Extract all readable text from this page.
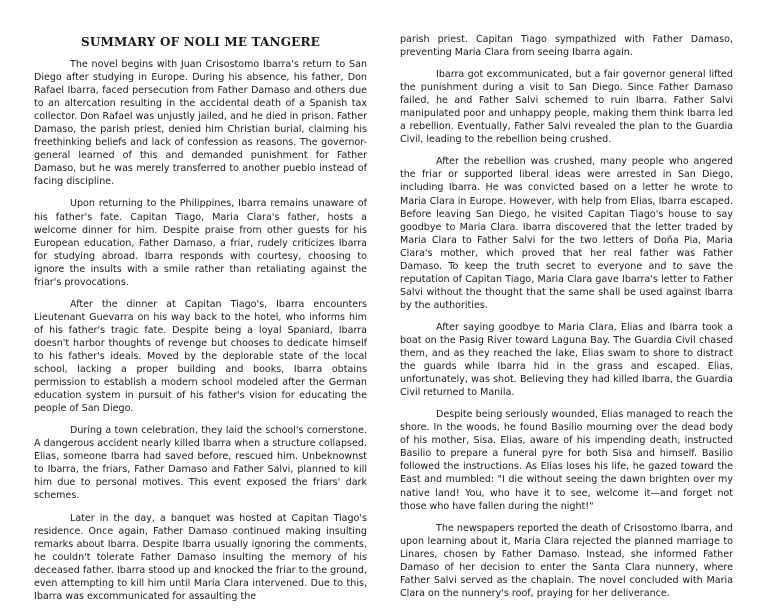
SUMMARY OF NOLI ME TANGERE

The novel begins with Juan Crisostomo Ibarra's return to San Diego after studying in Europe. During his absence, his father, Don Rafael Ibarra, faced persecution from Father Damaso and others due to an altercation resulting in the accidental death of a Spanish tax collector. Don Rafael was unjustly jailed, and he died in prison. Father Damaso, the parish priest, denied him Christian burial, claiming his freethinking beliefs and lack of confession as reasons. The governor-general learned of this and demanded punishment for Father Damaso, but he was merely transferred to another pueblo instead of facing discipline.

Upon returning to the Philippines, Ibarra remains unaware of his father's fate. Capitan Tiago, Maria Clara's father, hosts a welcome dinner for him. Despite praise from other guests for his European education, Father Damaso, a friar, rudely criticizes Ibarra for studying abroad. Ibarra responds with courtesy, choosing to ignore the insults with a smile rather than retaliating against the friar's provocations.

After the dinner at Capitan Tiago's, Ibarra encounters Lieutenant Guevarra on his way back to the hotel, who informs him of his father's tragic fate. Despite being a loyal Spaniard, Ibarra doesn't harbor thoughts of revenge but chooses to dedicate himself to his father's ideals. Moved by the deplorable state of the local school, lacking a proper building and books, Ibarra obtains permission to establish a modern school modeled after the German education system in pursuit of his father's vision for educating the people of San Diego.

During a town celebration, they laid the school's cornerstone. A dangerous accident nearly killed Ibarra when a structure collapsed. Elias, someone Ibarra had saved before, rescued him. Unbeknownst to Ibarra, the friars, Father Damaso and Father Salvi, planned to kill him due to personal motives. This event exposed the friars' dark schemes.

Later in the day, a banquet was hosted at Capitan Tiago's residence. Once again, Father Damaso continued making insulting remarks about Ibarra. Despite Ibarra usually ignoring the comments, he couldn't tolerate Father Damaso insulting the memory of his deceased father. Ibarra stood up and knocked the friar to the ground, even attempting to kill him until Maria Clara intervened. Due to this, Ibarra was excommunicated for assaulting the

parish priest. Capitan Tiago sympathized with Father Damaso, preventing Maria Clara from seeing Ibarra again.

Ibarra got excommunicated, but a fair governor general lifted the punishment during a visit to San Diego. Since Father Damaso failed, he and Father Salvi schemed to ruin Ibarra. Father Salvi manipulated poor and unhappy people, making them think Ibarra led a rebellion. Eventually, Father Salvi revealed the plan to the Guardia Civil, leading to the rebellion being crushed.

After the rebellion was crushed, many people who angered the friar or supported liberal ideas were arrested in San Diego, including Ibarra. He was convicted based on a letter he wrote to Maria Clara in Europe. However, with help from Elias, Ibarra escaped. Before leaving San Diego, he visited Capitan Tiago's house to say goodbye to Maria Clara. Ibarra discovered that the letter traded by Maria Clara to Father Salvi for the two letters of Doña Pia, Maria Clara's mother, which proved that her real father was Father Damaso. To keep the truth secret to everyone and to save the reputation of Capitan Tiago, Maria Clara gave Ibarra's letter to Father Salvi without the thought that the same shall be used against Ibarra by the authorities.

After saying goodbye to Maria Clara, Elias and Ibarra took a boat on the Pasig River toward Laguna Bay. The Guardia Civil chased them, and as they reached the lake, Elias swam to shore to distract the guards while Ibarra hid in the grass and escaped. Elias, unfortunately, was shot. Believing they had killed Ibarra, the Guardia Civil returned to Manila.

Despite being seriously wounded, Elias managed to reach the shore. In the woods, he found Basilio mourning over the dead body of his mother, Sisa. Elias, aware of his impending death, instructed Basilio to prepare a funeral pyre for both Sisa and himself. Basilio followed the instructions. As Elias loses his life, he gazed toward the East and mumbled: "I die without seeing the dawn brighten over my native land! You, who have it to see, welcome it—and forget not those who have fallen during the night!"

The newspapers reported the death of Crisostomo Ibarra, and upon learning about it, Maria Clara rejected the planned marriage to Linares, chosen by Father Damaso. Instead, she informed Father Damaso of her decision to enter the Santa Clara nunnery, where Father Salvi served as the chaplain. The novel concluded with Maria Clara on the nunnery's roof, praying for her deliverance.
